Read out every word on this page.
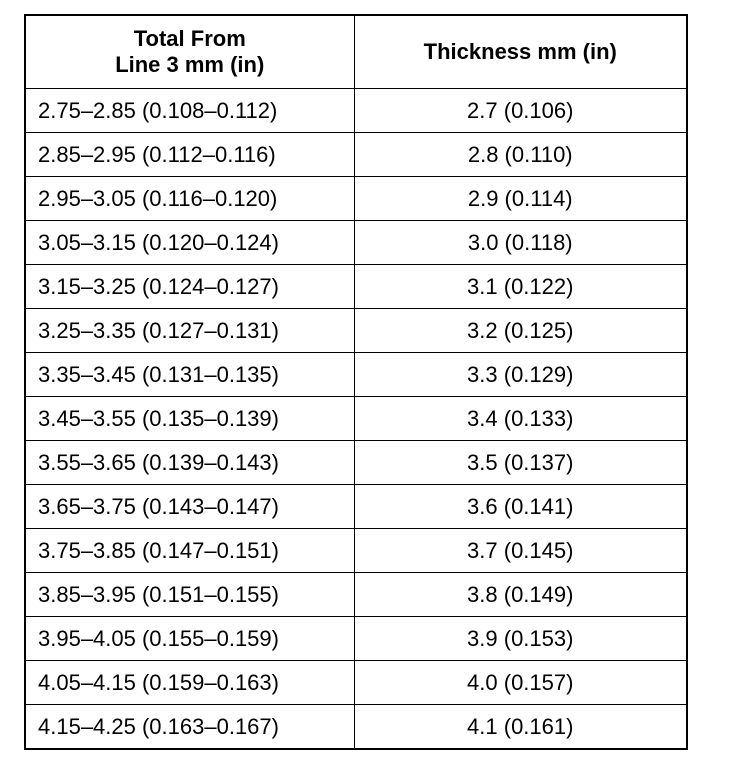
Total From
Line 3 mm (in)	Thickness mm (in)
2.75–2.85 (0.108–0.112)	2.7 (0.106)
2.85–2.95 (0.112–0.116)	2.8 (0.110)
2.95–3.05 (0.116–0.120)	2.9 (0.114)
3.05–3.15 (0.120–0.124)	3.0 (0.118)
3.15–3.25 (0.124–0.127)	3.1 (0.122)
3.25–3.35 (0.127–0.131)	3.2 (0.125)
3.35–3.45 (0.131–0.135)	3.3 (0.129)
3.45–3.55 (0.135–0.139)	3.4 (0.133)
3.55–3.65 (0.139–0.143)	3.5 (0.137)
3.65–3.75 (0.143–0.147)	3.6 (0.141)
3.75–3.85 (0.147–0.151)	3.7 (0.145)
3.85–3.95 (0.151–0.155)	3.8 (0.149)
3.95–4.05 (0.155–0.159)	3.9 (0.153)
4.05–4.15 (0.159–0.163)	4.0 (0.157)
4.15–4.25 (0.163–0.167)	4.1 (0.161)
